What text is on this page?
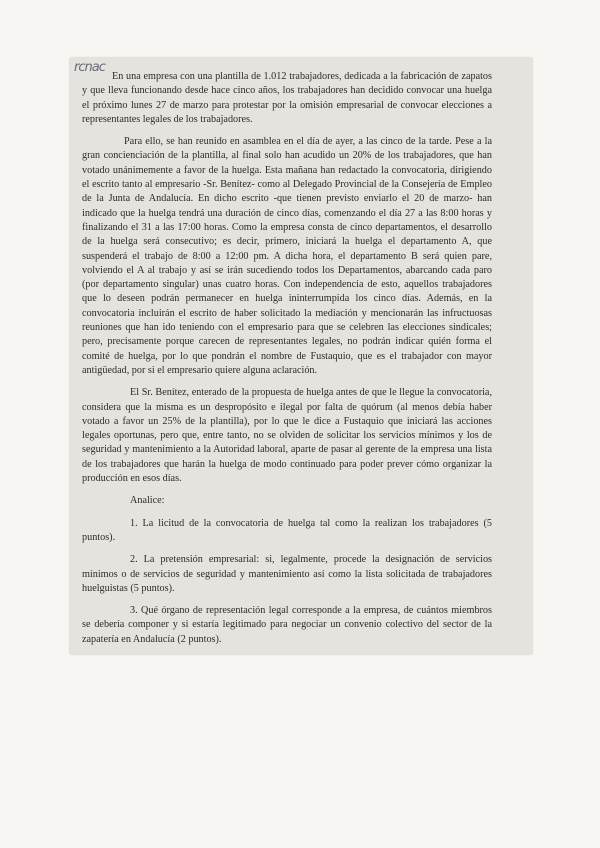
rcnac

En una empresa con una plantilla de 1.012 trabajadores, dedicada a la fabricación de zapatos y que lleva funcionando desde hace cinco años, los trabajadores han decidido convocar una huelga el próximo lunes 27 de marzo para protestar por la omisión empresarial de convocar elecciones a representantes legales de los trabajadores.

Para ello, se han reunido en asamblea en el día de ayer, a las cinco de la tarde. Pese a la gran concienciación de la plantilla, al final solo han acudido un 20% de los trabajadores, que han votado unánimemente a favor de la huelga. Esta mañana han redactado la convocatoria, dirigiendo el escrito tanto al empresario -Sr. Benítez- como al Delegado Provincial de la Consejería de Empleo de la Junta de Andalucía. En dicho escrito -que tienen previsto enviarlo el 20 de marzo- han indicado que la huelga tendrá una duración de cinco días, comenzando el día 27 a las 8:00 horas y finalizando el 31 a las 17:00 horas. Como la empresa consta de cinco departamentos, el desarrollo de la huelga será consecutivo; es decir, primero, iniciará la huelga el departamento A, que suspenderá el trabajo de 8:00 a 12:00 pm. A dicha hora, el departamento B será quien pare, volviendo el A al trabajo y así se irán sucediendo todos los Departamentos, abarcando cada paro (por departamento singular) unas cuatro horas. Con independencia de esto, aquellos trabajadores que lo deseen podrán permanecer en huelga ininterrumpida los cinco días. Además, en la convocatoria incluirán el escrito de haber solicitado la mediación y mencionarán las infructuosas reuniones que han ido teniendo con el empresario para que se celebren las elecciones sindicales; pero, precisamente porque carecen de representantes legales, no podrán indicar quién forma el comité de huelga, por lo que pondrán el nombre de Fustaquio, que es el trabajador con mayor antigüedad, por si el empresario quiere alguna aclaración.

El Sr. Benítez, enterado de la propuesta de huelga antes de que le llegue la convocatoria, considera que la misma es un despropósito e ilegal por falta de quórum (al menos debía haber votado a favor un 25% de la plantilla), por lo que le dice a Fustaquio que iniciará las acciones legales oportunas, pero que, entre tanto, no se olviden de solicitar los servicios mínimos y los de seguridad y mantenimiento a la Autoridad laboral, aparte de pasar al gerente de la empresa una lista de los trabajadores que harán la huelga de modo continuado para poder prever cómo organizar la producción en esos días.

Analice:

1. La licitud de la convocatoria de huelga tal como la realizan los trabajadores (5 puntos).

2. La pretensión empresarial: si, legalmente, procede la designación de servicios mínimos o de servicios de seguridad y mantenimiento así como la lista solicitada de trabajadores huelguistas (5 puntos).

3. Qué órgano de representación legal corresponde a la empresa, de cuántos miembros se debería componer y si estaría legitimado para negociar un convenio colectivo del sector de la zapatería en Andalucía (2 puntos).
